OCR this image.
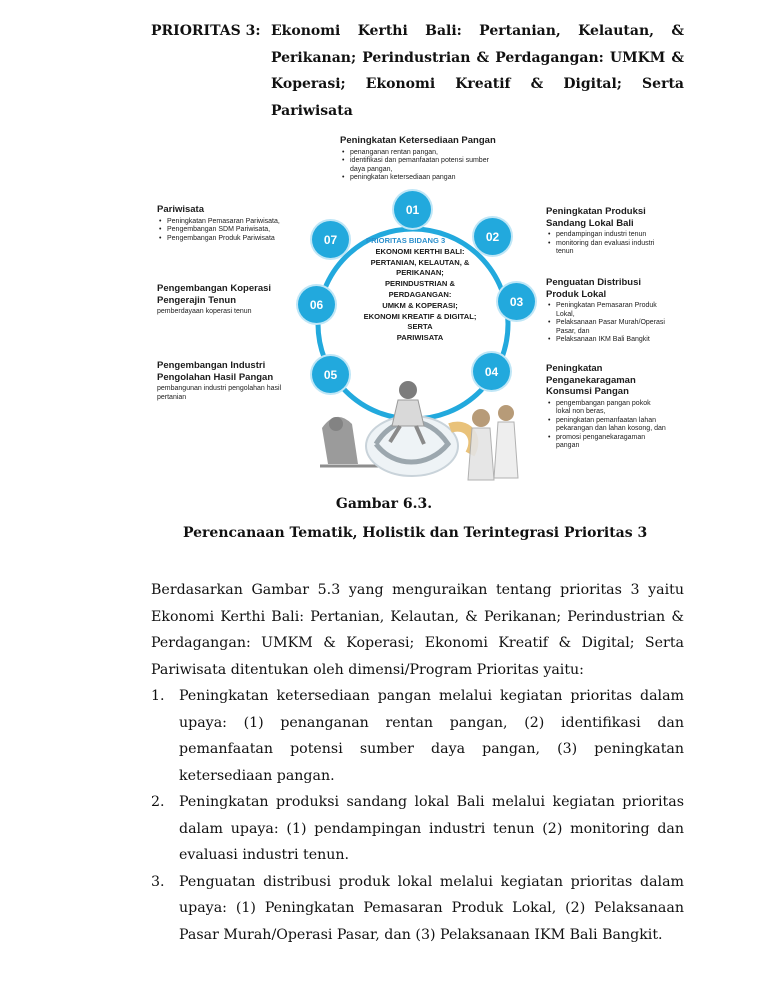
PRIORITAS 3: Ekonomi Kerthi Bali: Pertanian, Kelautan, & Perikanan; Perindustrian & Perdagangan: UMKM & Koperasi; Ekonomi Kreatif & Digital; Serta Pariwisata
01
02
03
04
05
06
07	PRIORITAS BIDANG 3
EKONOMI KERTHI BALI:
PERTANIAN, KELAUTAN, &
PERIKANAN;
PERINDUSTRIAN &
PERDAGANGAN:
UMKM & KOPERASI;
EKONOMI KREATIF & DIGITAL;
SERTA
PARIWISATA
Peningkatan Ketersediaan Pangan
• penanganan rentan pangan,
• identifikasi dan pemanfaatan potensi sumber daya pangan,
• peningkatan ketersediaan pangan
Pariwisata
• Peningkatan Pemasaran Pariwisata,
• Pengembangan SDM Pariwisata,
• Pengembangan Produk Pariwisata
Pengembangan Koperasi Pengerajin Tenun
pemberdayaan koperasi tenun
Pengembangan Industri Pengolahan Hasil Pangan
pembangunan industri pengolahan hasil pertanian
Peningkatan Produksi Sandang Lokal Bali
• pendampingan industri tenun
• monitoring dan evaluasi industri tenun
Penguatan Distribusi Produk Lokal
• Peningkatan Pemasaran Produk Lokal,
• Pelaksanaan Pasar Murah/Operasi Pasar, dan
• Pelaksanaan IKM Bali Bangkit
Peningkatan Penganekaragaman Konsumsi Pangan
• pengembangan pangan pokok lokal non beras,
• peningkatan pemanfaatan lahan pekarangan dan lahan kosong, dan
• promosi penganekaragaman pangan
Gambar 6.3.
Perencanaan Tematik, Holistik dan Terintegrasi Prioritas 3
Berdasarkan Gambar 5.3 yang menguraikan tentang prioritas 3 yaitu Ekonomi Kerthi Bali: Pertanian, Kelautan, & Perikanan; Perindustrian & Perdagangan: UMKM & Koperasi; Ekonomi Kreatif & Digital; Serta Pariwisata ditentukan oleh dimensi/Program Prioritas yaitu:
1. Peningkatan ketersediaan pangan melalui kegiatan prioritas dalam upaya: (1) penanganan rentan pangan, (2) identifikasi dan pemanfaatan potensi sumber daya pangan, (3) peningkatan ketersediaan pangan.
2. Peningkatan produksi sandang lokal Bali melalui kegiatan prioritas dalam upaya: (1) pendampingan industri tenun (2) monitoring dan evaluasi industri tenun.
3. Penguatan distribusi produk lokal melalui kegiatan prioritas dalam upaya: (1) Peningkatan Pemasaran Produk Lokal, (2) Pelaksanaan Pasar Murah/Operasi Pasar, dan (3) Pelaksanaan IKM Bali Bangkit.
